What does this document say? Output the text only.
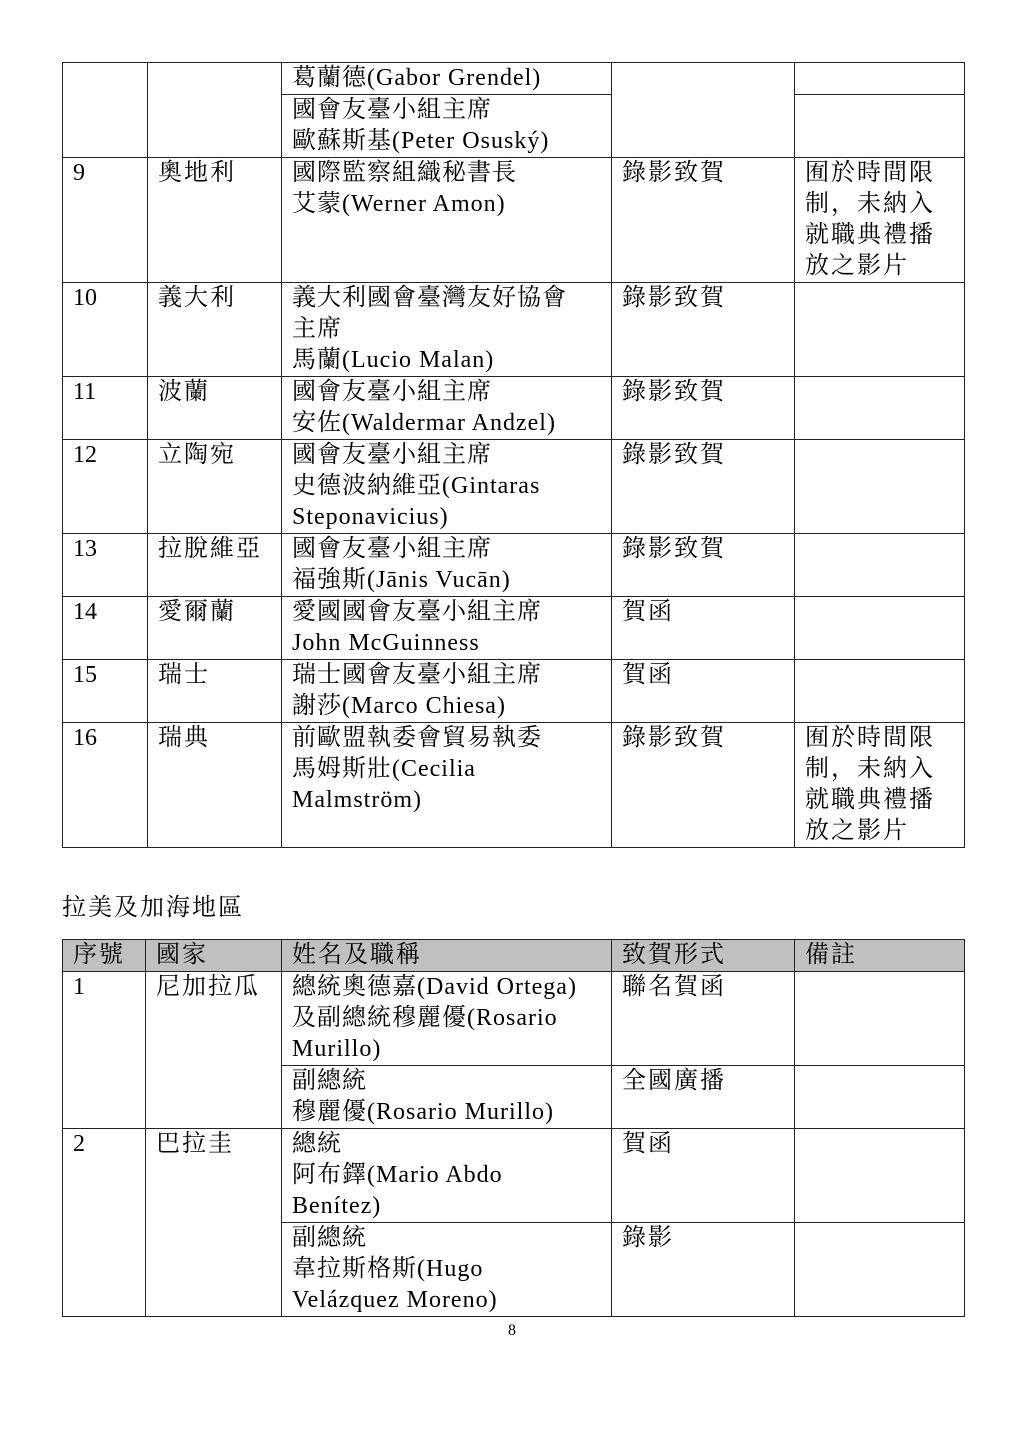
		葛蘭德(Gabor Grendel)		
		國會友臺小組主席
歐蘇斯基(Peter Osuský)		
9	奧地利	國際監察組織秘書長
艾蒙(Werner Amon)	錄影致賀	囿於時間限制，未納入就職典禮播放之影片

10	義大利	義大利國會臺灣友好協會
主席
馬蘭(Lucio Malan)	錄影致賀	
11	波蘭	國會友臺小組主席
安佐(Waldermar Andzel)	錄影致賀	
12	立陶宛	國會友臺小組主席
史德波納維亞(Gintaras
Steponavicius)	錄影致賀	
13	拉脫維亞	國會友臺小組主席
福強斯(Jānis Vucān)	錄影致賀	
14	愛爾蘭	愛國國會友臺小組主席
John McGuinness	賀函	
15	瑞士	瑞士國會友臺小組主席
謝莎(Marco Chiesa)	賀函	
16	瑞典	前歐盟執委會貿易執委
馬姆斯壯(Cecilia
Malmström)	錄影致賀	囿於時間限制，未納入就職典禮播放之影片
拉美及加海地區
序號	國家	姓名及職稱	致賀形式	備註
1	尼加拉瓜	總統奧德嘉(David Ortega)
及副總統穆麗優(Rosario
Murillo)	聯名賀函	
		副總統
穆麗優(Rosario Murillo)	全國廣播	
2	巴拉圭	總統
阿布鐸(Mario Abdo
Benítez)	賀函	
		副總統
韋拉斯格斯(Hugo
Velázquez Moreno)	錄影	
8
